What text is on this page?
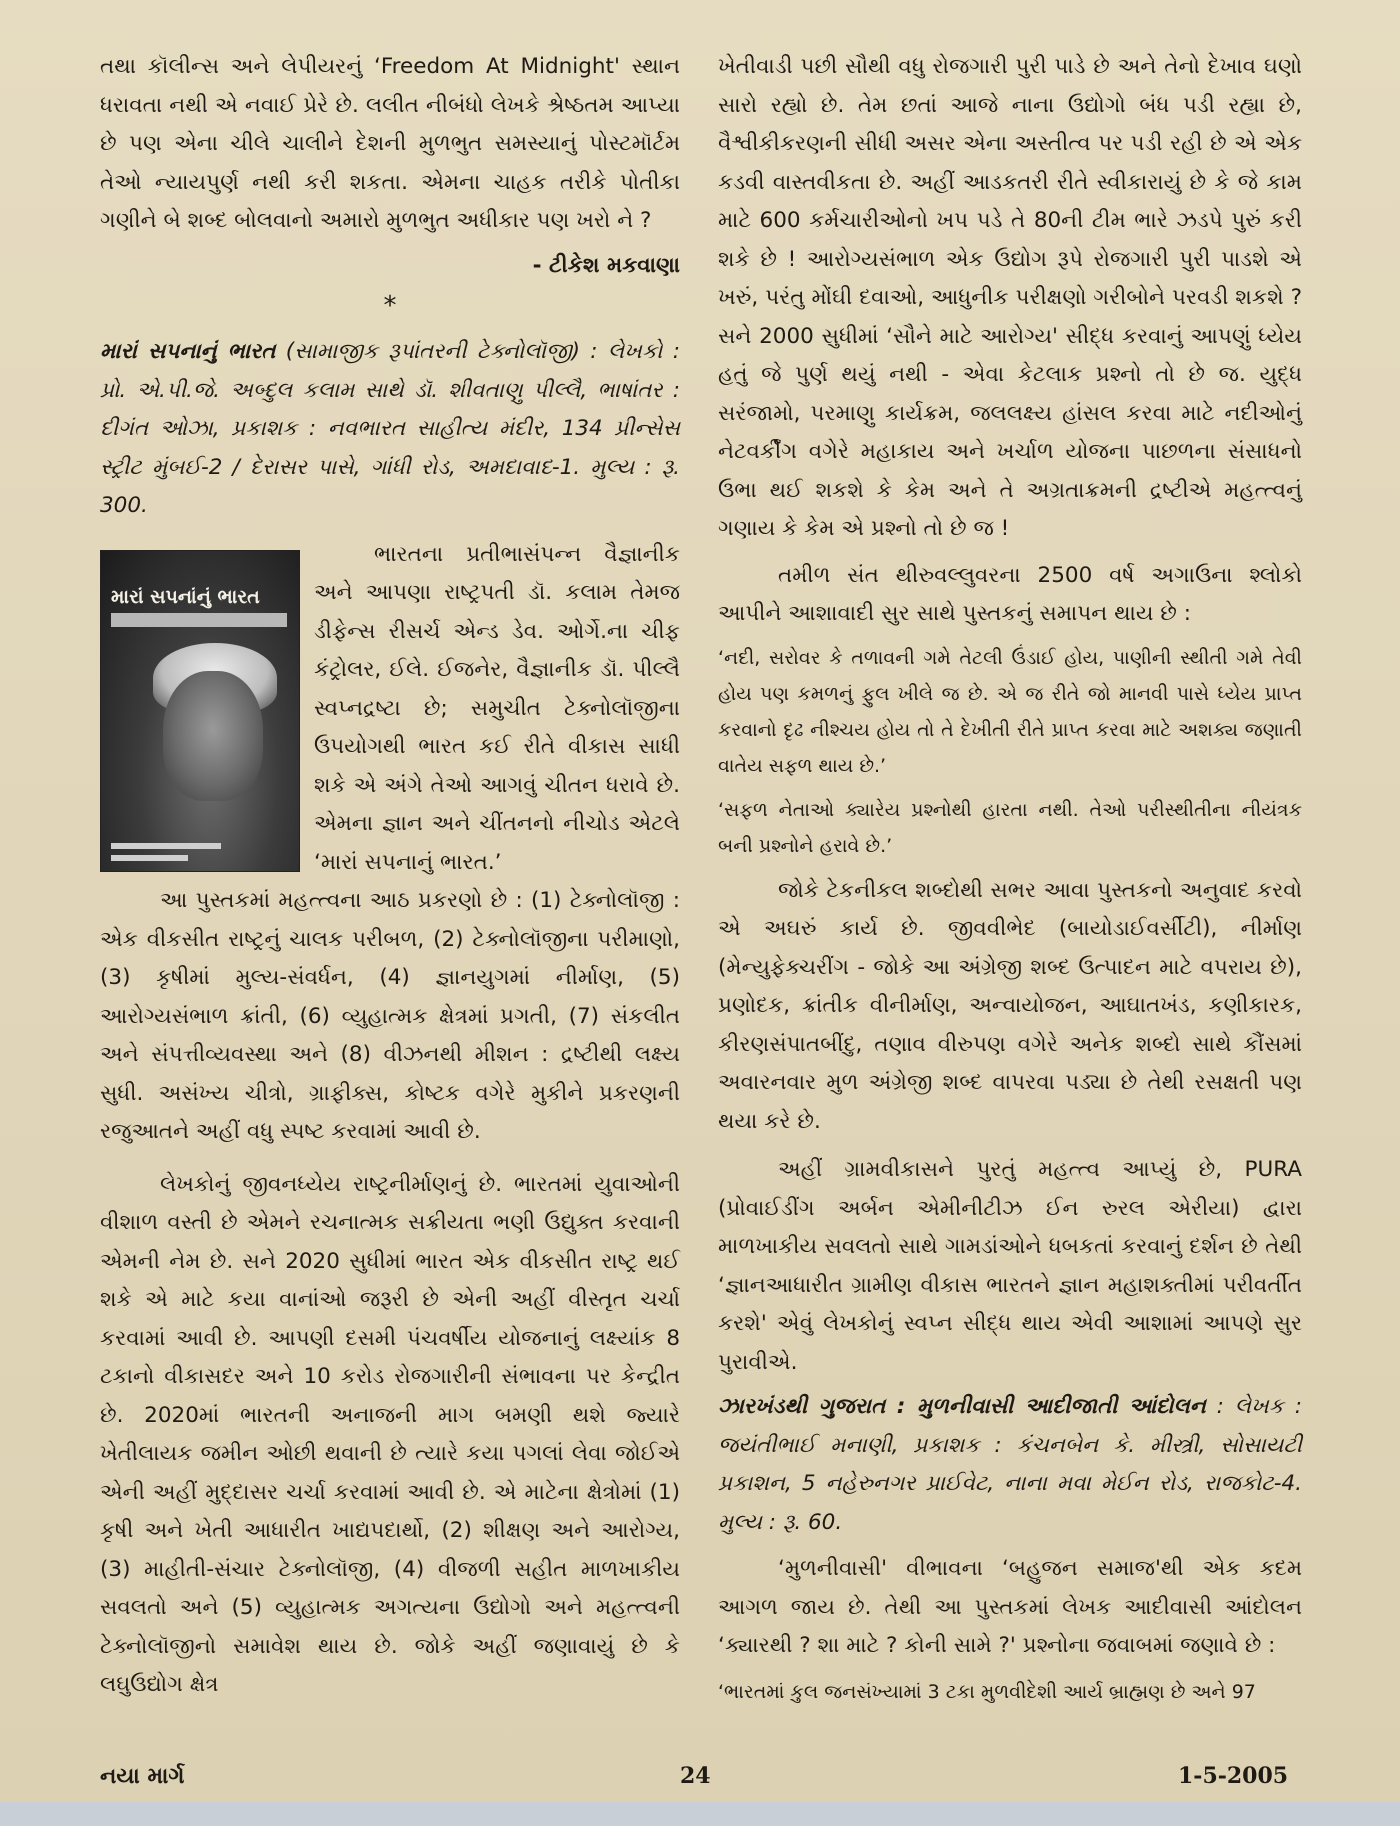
તથા કૉલીન્સ અને લેપીયરનું ‘Freedom At Midnight' સ્થાન ધરાવતા નથી એ નવાઈ પ્રેરે છે. લલીત નીબંધો લેખકે શ્રેષ્ઠતમ આપ્યા છે પણ એના ચીલે ચાલીને દેશની મુળભુત સમસ્યાનું પોસ્ટમૉર્ટમ તેઓ ન્યાયપુર્ણ નથી કરી શકતા. એમના ચાહક તરીકે પોતીકા ગણીને બે શબ્દ બોલવાનો અમારો મુળભુત અધીકાર પણ ખરો ને ?

- ટીકેશ મકવાણા

*

મારાં સપનાનું ભારત (સામાજીક રૂપાંતરની ટેક્નોલૉજી) : લેખકો : પ્રો. એ.પી.જે. અબ્દુલ કલામ સાથે ડૉ. શીવતાણુ પીલ્લૈ, ભાષાંતર : દીગંત ઓઝા, પ્રકાશક : નવભારત સાહીત્ય મંદીર, 134 પ્રીન્સેસ સ્ટ્રીટ મુંબઈ-2 / દેરાસર પાસે, ગાંધી રોડ, અમદાવાદ-1. મુલ્ય : રૂ. 300.

મારાં સપનાંનું ભારત

ભારતના પ્રતીભાસંપન્ન વૈજ્ઞાનીક અને આપણા રાષ્ટ્રપતી ડૉ. કલામ તેમજ ડીફેન્સ રીસર્ચ એન્ડ ડેવ. ઓર્ગે.ના ચીફ કંટ્રોલર, ઈલે. ઈજનેર, વૈજ્ઞાનીક ડૉ. પીલ્લૈ સ્વપ્નદ્રષ્ટા છે; સમુચીત ટેક્નોલૉજીના ઉપયોગથી ભારત કઈ રીતે વીકાસ સાધી શકે એ અંગે તેઓ આગવું ચીતન ધરાવે છે. એમના જ્ઞાન અને ચીંતનનો નીચોડ એટલે ‘મારાં સપનાનું ભારત.’

આ પુસ્તકમાં મહત્ત્વના આઠ પ્રકરણો છે : (1) ટેક્નોલૉજી : એક વીકસીત રાષ્ટ્રનું ચાલક પરીબળ, (2) ટેક્નોલૉજીના પરીમાણો, (3) કૃષીમાં મુલ્ય-સંવર્ધન, (4) જ્ઞાનયુગમાં નીર્માણ, (5) આરોગ્યસંભાળ ક્રાંતી, (6) વ્યુહાત્મક ક્ષેત્રમાં પ્રગતી, (7) સંકલીત અને સંપત્તીવ્યવસ્થા અને (8) વીઝનથી મીશન : દ્રષ્ટીથી લક્ષ્ય સુધી. અસંખ્ય ચીત્રો, ગ્રાફીક્સ, કોષ્ટક વગેરે મુકીને પ્રકરણની રજુઆતને અહીં વધુ સ્પષ્ટ કરવામાં આવી છે.

લેખકોનું જીવનધ્યેય રાષ્ટ્રનીર્માણનું છે. ભારતમાં યુવાઓની વીશાળ વસ્તી છે એમને રચનાત્મક સક્રીયતા ભણી ઉદ્યુક્ત કરવાની એમની નેમ છે. સને 2020 સુધીમાં ભારત એક વીકસીત રાષ્ટ્ર થઈ શકે એ માટે કયા વાનાંઓ જરૂરી છે એની અહીં વીસ્તૃત ચર્ચા કરવામાં આવી છે. આપણી દસમી પંચવર્ષીય યોજનાનું લક્ષ્યાંક 8 ટકાનો વીકાસદર અને 10 કરોડ રોજગારીની સંભાવના પર કેન્દ્રીત છે. 2020માં ભારતની અનાજની માગ બમણી થશે જ્યારે ખેતીલાયક જમીન ઓછી થવાની છે ત્યારે કયા પગલાં લેવા જોઈએ એની અહીં મુદ્દાસર ચર્ચા કરવામાં આવી છે. એ માટેના ક્ષેત્રોમાં (1) કૃષી અને ખેતી આધારીત ખાદ્યપદાર્થો, (2) શીક્ષણ અને આરોગ્ય, (3) માહીતી-સંચાર ટેક્નોલૉજી, (4) વીજળી સહીત માળખાકીય સવલતો અને (5) વ્યુહાત્મક અગત્યના ઉદ્યોગો અને મહત્ત્વની ટેક્નોલૉજીનો સમાવેશ થાય છે. જોકે અહીં જણાવાયું છે કે લઘુઉદ્યોગ ક્ષેત્ર

ખેતીવાડી પછી સૌથી વધુ રોજગારી પુરી પાડે છે અને તેનો દેખાવ ઘણો સારો રહ્યો છે. તેમ છતાં આજે નાના ઉદ્યોગો બંધ પડી રહ્યા છે, વૈશ્વીકીકરણની સીધી અસર એના અસ્તીત્વ પર પડી રહી છે એ એક કડવી વાસ્તવીકતા છે. અહીં આડકતરી રીતે સ્વીકારાયું છે કે જે કામ માટે 600 કર્મચારીઓનો ખપ પડે તે 80ની ટીમ ભારે ઝડપે પુરું કરી શકે છે ! આરોગ્યસંભાળ એક ઉદ્યોગ રૂપે રોજગારી પુરી પાડશે એ ખરું, પરંતુ મોંઘી દવાઓ, આધુનીક પરીક્ષણો ગરીબોને પરવડી શકશે ? સને 2000 સુધીમાં ‘સૌને માટે આરોગ્ય' સીદ્ધ કરવાનું આપણું ધ્યેય હતું જે પુર્ણ થયું નથી - એવા કેટલાક પ્રશ્નો તો છે જ. યુદ્ધ સરંજામો, પરમાણુ કાર્યક્રમ, જલલક્ષ્ય હાંસલ કરવા માટે નદીઓનું નેટવર્કીંગ વગેરે મહાકાય અને ખર્ચાળ યોજના પાછળના સંસાધનો ઉભા થઈ શકશે કે કેમ અને તે અગ્રતાક્રમની દ્રષ્ટીએ મહત્ત્વનું ગણાય કે કેમ એ પ્રશ્નો તો છે જ !

તમીળ સંત થીરુવલ્લુવરના 2500 વર્ષ અગાઉના શ્લોકો આપીને આશાવાદી સુર સાથે પુસ્તકનું સમાપન થાય છે :

‘નદી, સરોવર કે તળાવની ગમે તેટલી ઉંડાઈ હોય, પાણીની સ્થીતી ગમે તેવી હોય પણ કમળનું ફુલ ખીલે જ છે. એ જ રીતે જો માનવી પાસે ધ્યેય પ્રાપ્ત કરવાનો દૃઢ નીશ્ચય હોય તો તે દેખીતી રીતે પ્રાપ્ત કરવા માટે અશક્ય જણાતી વાતેય સફળ થાય છે.’

‘સફળ નેતાઓ ક્યારેય પ્રશ્નોથી હારતા નથી. તેઓ પરીસ્થીતીના નીયંત્રક બની પ્રશ્નોને હરાવે છે.’

જોકે ટેકનીકલ શબ્દોથી સભર આવા પુસ્તકનો અનુવાદ કરવો એ અઘરું કાર્ય છે. જીવવીભેદ (બાયોડાઈવર્સીટી), નીર્માણ (મેન્યુફેક્ચરીંગ - જોકે આ અંગ્રેજી શબ્દ ઉત્પાદન માટે વપરાય છે), પ્રણોદક, ક્રાંતીક વીનીર્માણ, અન્વાયોજન, આઘાતખંડ, કણીકારક, કીરણસંપાતબીંદુ, તણાવ વીરુપણ વગેરે અનેક શબ્દો સાથે કૌંસમાં અવારનવાર મુળ અંગ્રેજી શબ્દ વાપરવા પડ્યા છે તેથી રસક્ષતી પણ થયા કરે છે.

અહીં ગ્રામવીકાસને પુરતું મહત્ત્વ આપ્યું છે, PURA (પ્રોવાઈડીંગ અર્બન એમીનીટીઝ ઈન રુરલ એરીયા) દ્વારા માળખાકીય સવલતો સાથે ગામડાંઓને ધબકતાં કરવાનું દર્શન છે તેથી ‘જ્ઞાનઆધારીત ગ્રામીણ વીકાસ ભારતને જ્ઞાન મહાશક્તીમાં પરીવર્તીત કરશે' એવું લેખકોનું સ્વપ્ન સીદ્ધ થાય એવી આશામાં આપણે સુર પુરાવીએ.

ઝારખંડથી ગુજરાત : મુળનીવાસી આદીજાતી આંદોલન : લેખક : જયંતીભાઈ મનાણી, પ્રકાશક : કંચનબેન કે. મીસ્ત્રી, સોસાયટી પ્રકાશન, 5 નહેરુનગર પ્રાઈવેટ, નાના મવા મેઈન રોડ, રાજકોટ-4. મુલ્ય : રૂ. 60.

‘મુળનીવાસી' વીભાવના ‘બહુજન સમાજ'થી એક કદમ આગળ જાય છે. તેથી આ પુસ્તકમાં લેખક આદીવાસી આંદોલન ‘ક્યારથી ? શા માટે ? કોની સામે ?' પ્રશ્નોના જવાબમાં જણાવે છે :

‘ભારતમાં કુલ જનસંખ્યામાં 3 ટકા મુળવીદેશી આર્ય બ્રાહ્મણ છે અને 97

નયા માર્ગ	24	1-5-2005
